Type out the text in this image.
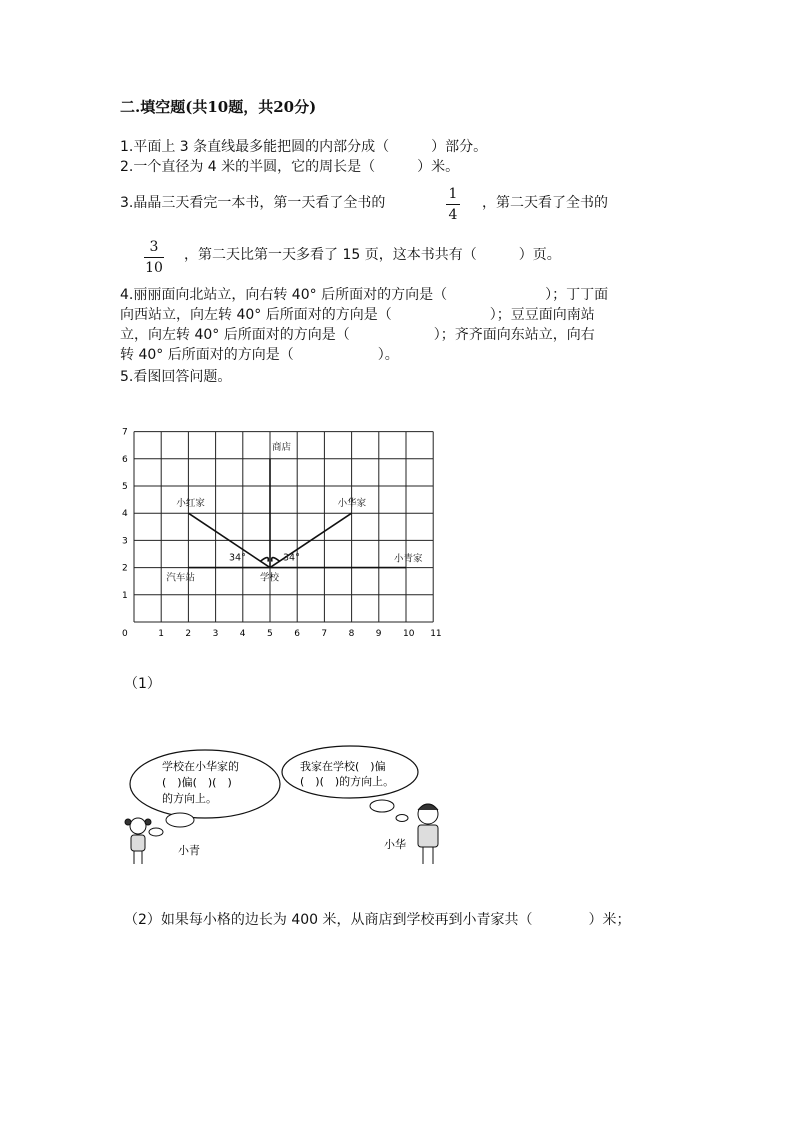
二.填空题(共10题，共20分)
1.平面上 3 条直线最多能把圆的内部分成（　　　）部分。
2.一个直径为 4 米的半圆，它的周长是（　　　）米。
3.晶晶三天看完一本书，第一天看了全书的
1
4
，第二天看了全书的
3
10
，第二天比第一天多看了 15 页，这本书共有（　　　）页。
4.丽丽面向北站立，向右转 40° 后所面对的方向是（　　　　　　　）；丁丁面
向西站立，向左转 40° 后所面对的方向是（　　　　　　　）；豆豆面向南站
立，向左转 40° 后所面对的方向是（　　　　　　）；齐齐面向东站立，向右
转 40° 后所面对的方向是（　　　　　　）。
5.看图回答问题。
0	1 2 3 4 5 6 7 8 9 10 11
1
2
3
4
5
6
7
商店
小红家	小华家
小青家
汽车站	学校
34°	34°
（1）
学校在小华家的
(　)偏(　)(　)
的方向上。
我家在学校(　)偏
(　)(　)的方向上。
小青	小华
（2）如果每小格的边长为 400 米，从商店到学校再到小青家共（　　　　）米；
